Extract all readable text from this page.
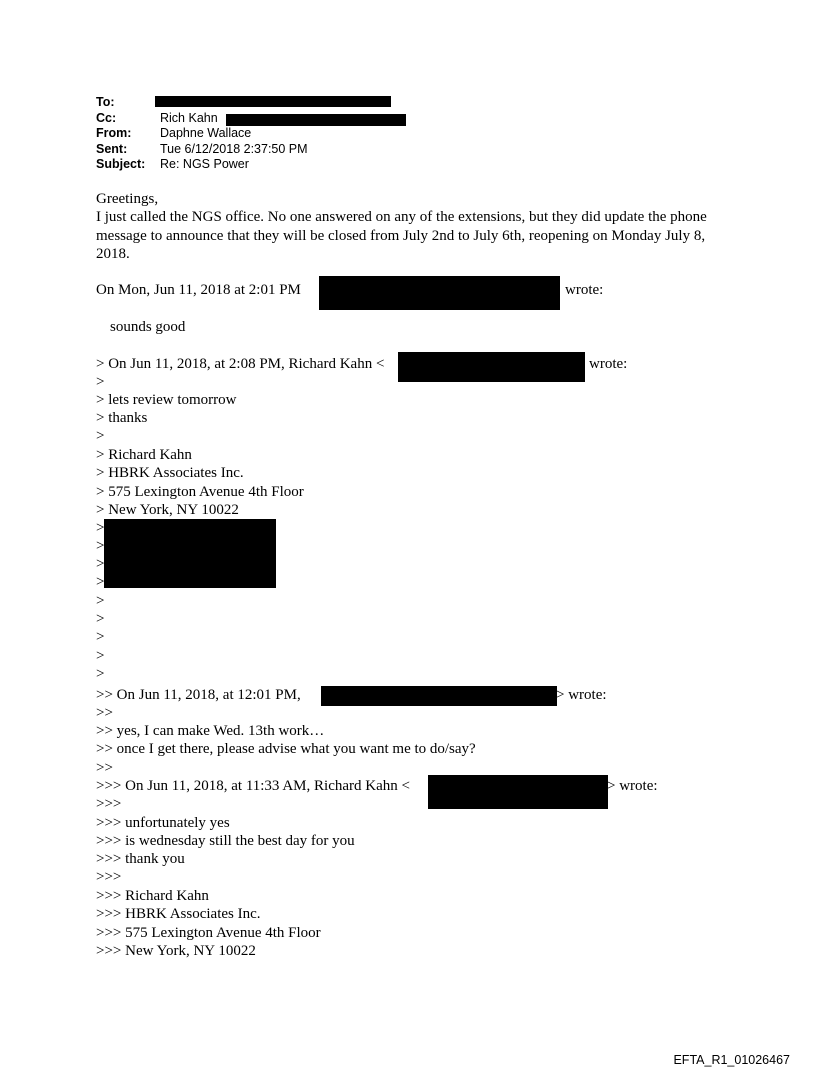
To:
Cc:	Rich Kahn
From: Daphne Wallace
Sent:	Tue 6/12/2018 2:37:50 PM
Subject: Re: NGS Power
Greetings,
I just called the NGS office. No one answered on any of the extensions, but they did update the phone message to announce that they will be closed from July 2nd to July 6th, reopening on Monday July 8, 2018.
On Mon, Jun 11, 2018 at 2:01 PM	wrote:
sounds good
> On Jun 11, 2018, at 2:08 PM, Richard Kahn <	wrote:
>
> lets review tomorrow
> thanks
>
> Richard Kahn
> HBRK Associates Inc.
> 575 Lexington Avenue 4th Floor
> New York, NY 10022
>
>
>
>
>
>
>
>
>
>> On Jun 11, 2018, at 12:01 PM,	> wrote:
>>
>> yes, I can make Wed. 13th work…
>> once I get there, please advise what you want me to do/say?
>>
>>> On Jun 11, 2018, at 11:33 AM, Richard Kahn <	> wrote:
>>>
>>> unfortunately yes
>>> is wednesday still the best day for you
>>> thank you
>>>
>>> Richard Kahn
>>> HBRK Associates Inc.
>>> 575 Lexington Avenue 4th Floor
>>> New York, NY 10022
EFTA_R1_01026467
